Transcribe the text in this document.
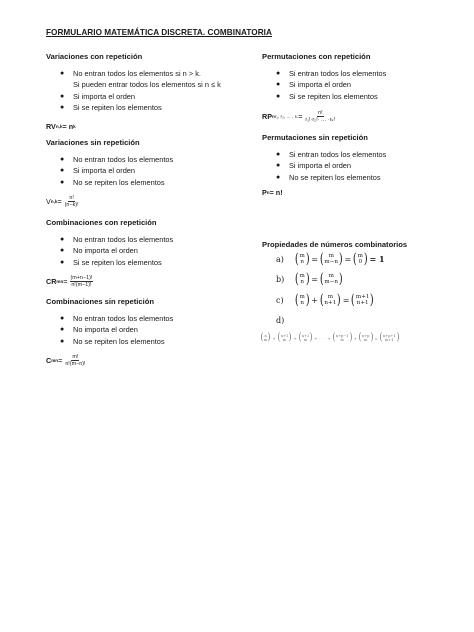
FORMULARIO MATEMÁTICA DISCRETA. COMBINATORIA
Variaciones con repetición
● No entran todos los elementos si n > k.
Si pueden entrar todos los elementos si n ≤ k
● Si importa el orden
● Si se repiten los elementos
RV n,k = n k
Variaciones sin repetición
● No entran todos los elementos
● Si importa el orden
● No se repiten los elementos
V $n,k = \frac{n!}{(n-k)!}$
Combinaciones con repetición
● No entran todos los elementos
● No importa el orden
● Si se repiten los elementos
CR m $n = \frac{(m+n-1)!}{n!(m-1)!}$
Combinaciones sin repetición
● No entran todos los elementos
● No importa el orden
● No se repiten los elementos
C m $n = \frac{m!}{n!(m-n)!}$
Permutaciones con repetición
● Si entran todos los elementos
● Si importa el orden
● Si se repiten los elementos
RP n r₁, r₂, … , $r_k = \frac{n!}{\text{r₁!·r₂!· … ·rₖ!}}$
Permutaciones sin repetición
● Si entran todos los elementos
● Si importa el orden
● No se repiten los elementos
P n = n!
Propiedades de números combinatorios
a) ( m
n ) = ( m
m−n ) = ( m
0 ) = 1
b) ( m
n ) = ( m
m−n )
c) ( m
n ) + ( m
n+1 ) = ( m+1
n+1 )
d)
( n
m ) + ( n+1
m ) + ( n+2
m ) + · · · + ( n+p−1
m ) + ( n+p
m ) = ( n+p+1
m+1 )
